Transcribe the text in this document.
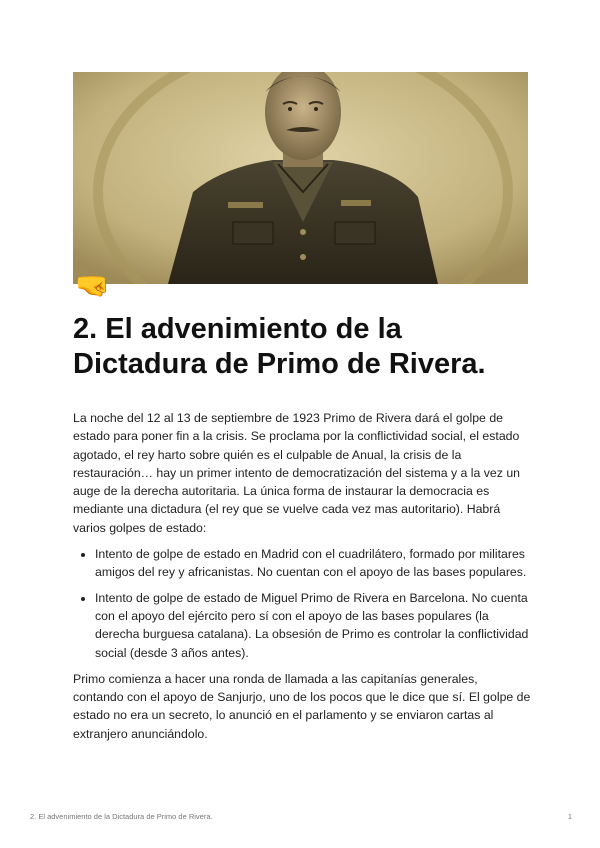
🤜
2. El advenimiento de la Dictadura de Primo de Rivera.

La noche del 12 al 13 de septiembre de 1923 Primo de Rivera dará el golpe de estado para poner fin a la crisis. Se proclama por la conflictividad social, el estado agotado, el rey harto sobre quién es el culpable de Anual, la crisis de la restauración… hay un primer intento de democratización del sistema y a la vez un auge de la derecha autoritaria. La única forma de instaurar la democracia es mediante una dictadura (el rey que se vuelve cada vez mas autoritario). Habrá varios golpes de estado:

• Intento de golpe de estado en Madrid con el cuadrilátero, formado por militares amigos del rey y africanistas. No cuentan con el apoyo de las bases populares.
• Intento de golpe de estado de Miguel Primo de Rivera en Barcelona. No cuenta con el apoyo del ejército pero sí con el apoyo de las bases populares (la derecha burguesa catalana). La obsesión de Primo es controlar la conflictividad social (desde 3 años antes).

Primo comienza a hacer una ronda de llamada a las capitanías generales, contando con el apoyo de Sanjurjo, uno de los pocos que le dice que sí. El golpe de estado no era un secreto, lo anunció en el parlamento y se enviaron cartas al extranjero anunciándolo.

2. El advenimiento de la Dictadura de Primo de Rivera.	1
